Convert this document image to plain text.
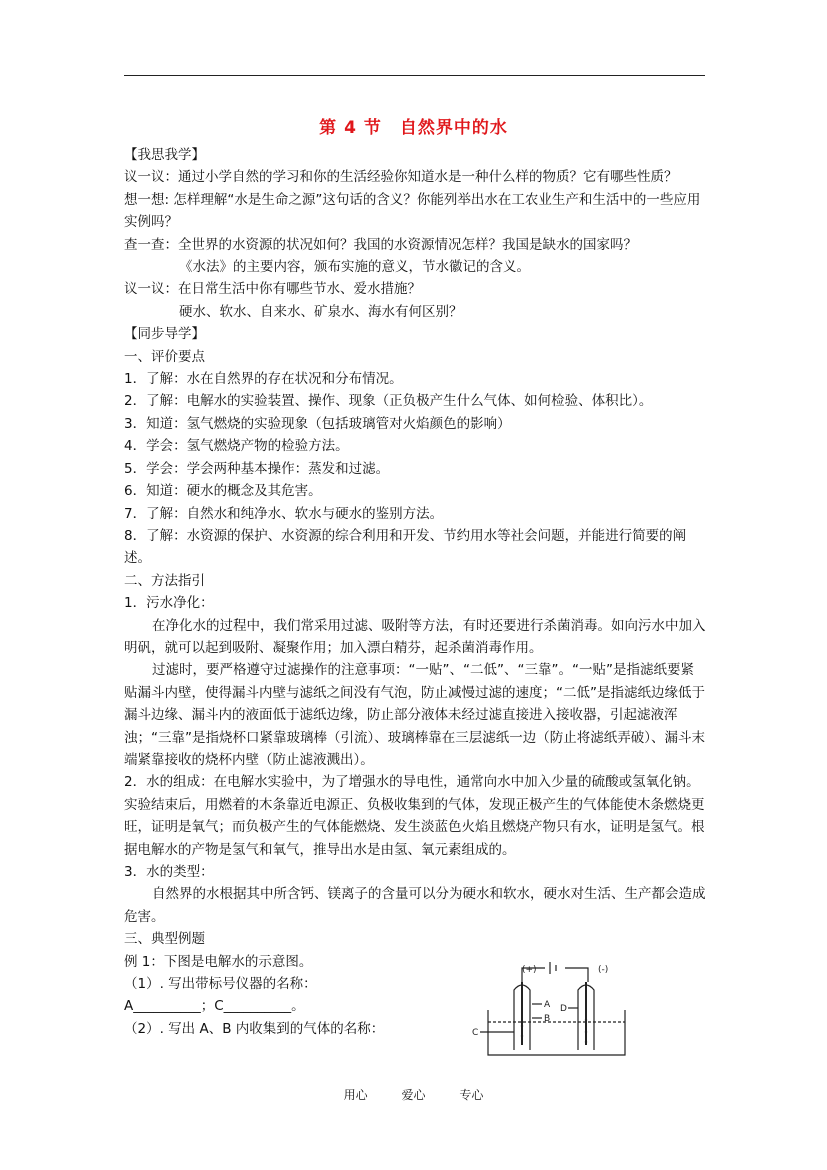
第 4 节　自然界中的水

【我思我学】

议一议：通过小学自然的学习和你的生活经验你知道水是一种什么样的物质？它有哪些性质？

想一想: 怎样理解“水是生命之源”这句话的含义？你能列举出水在工农业生产和生活中的一些应用实例吗？

查一查：全世界的水资源的状况如何？我国的水资源情况怎样？我国是缺水的国家吗？

《水法》的主要内容，颁布实施的意义，节水徽记的含义。

议一议：在日常生活中你有哪些节水、爱水措施？

硬水、软水、自来水、矿泉水、海水有何区别？

【同步导学】

一、评价要点

1．了解：水在自然界的存在状况和分布情况。

2．了解：电解水的实验装置、操作、现象（正负极产生什么气体、如何检验、体积比）。

3．知道：氢气燃烧的实验现象（包括玻璃管对火焰颜色的影响）

4．学会：氢气燃烧产物的检验方法。

5．学会：学会两种基本操作：蒸发和过滤。

6．知道：硬水的概念及其危害。

7．了解：自然水和纯净水、软水与硬水的鉴别方法。

8．了解：水资源的保护、水资源的综合利用和开发、节约用水等社会问题，并能进行简要的阐述。

二、方法指引

1．污水净化：

在净化水的过程中，我们常采用过滤、吸附等方法，有时还要进行杀菌消毒。如向污水中加入明矾，就可以起到吸附、凝聚作用；加入漂白精芬，起杀菌消毒作用。

过滤时，要严格遵守过滤操作的注意事项：“一贴”、“二低”、“三靠”。“一贴”是指滤纸要紧贴漏斗内壁，使得漏斗内壁与滤纸之间没有气泡，防止减慢过滤的速度；“二低”是指滤纸边缘低于漏斗边缘、漏斗内的液面低于滤纸边缘，防止部分液体未经过滤直接进入接收器，引起滤液浑浊；“三靠”是指烧杯口紧靠玻璃棒（引流）、玻璃棒靠在三层滤纸一边（防止将滤纸弄破）、漏斗末端紧靠接收的烧杯内壁（防止滤液溅出）。

2．水的组成：在电解水实验中，为了增强水的导电性，通常向水中加入少量的硫酸或氢氧化钠。实验结束后，用燃着的木条靠近电源正、负极收集到的气体，发现正极产生的气体能使木条燃烧更旺，证明是氧气；而负极产生的气体能燃烧、发生淡蓝色火焰且燃烧产物只有水，证明是氢气。根据电解水的产物是氢气和氧气，推导出水是由氢、氧元素组成的。

3．水的类型：

自然界的水根据其中所含钙、镁离子的含量可以分为硬水和软水，硬水对生活、生产都会造成危害。

三、典型例题

例 1：下图是电解水的示意图。

（1）. 写出带标号仪器的名称：

A__________；C__________。

（2）. 写出 A、B 内收集到的气体的名称：

(+)	(-)
A
B
C
D
用心	爱心	专心
